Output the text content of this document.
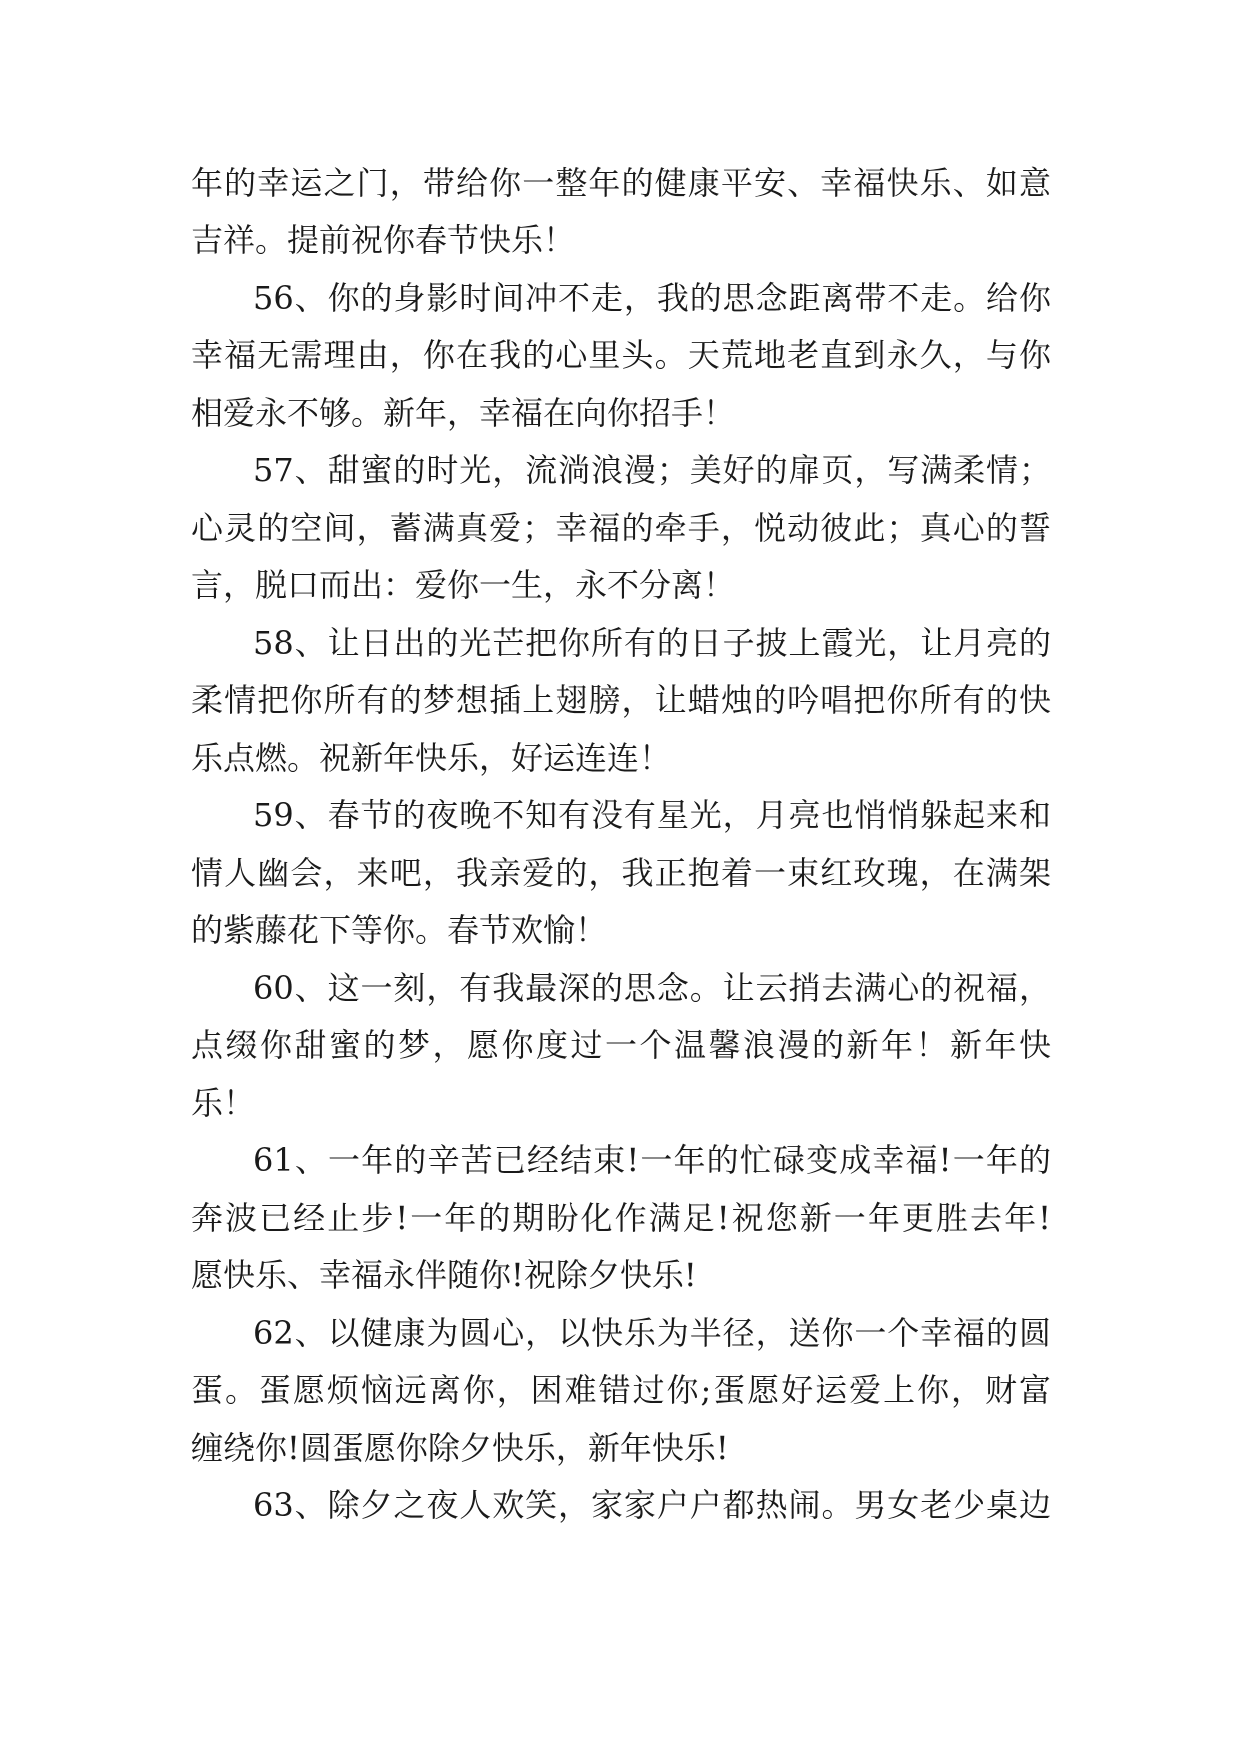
年的幸运之门，带给你一整年的健康平安、幸福快乐、如意
吉祥。提前祝你春节快乐！
56、你的身影时间冲不走，我的思念距离带不走。给你
幸福无需理由，你在我的心里头。天荒地老直到永久，与你
相爱永不够。新年，幸福在向你招手！
57、甜蜜的时光，流淌浪漫；美好的扉页，写满柔情；
心灵的空间，蓄满真爱；幸福的牵手，悦动彼此；真心的誓
言，脱口而出：爱你一生，永不分离！
58、让日出的光芒把你所有的日子披上霞光，让月亮的
柔情把你所有的梦想插上翅膀，让蜡烛的吟唱把你所有的快
乐点燃。祝新年快乐，好运连连！
59、春节的夜晚不知有没有星光，月亮也悄悄躲起来和
情人幽会，来吧，我亲爱的，我正抱着一束红玫瑰，在满架
的紫藤花下等你。春节欢愉！
60、这一刻，有我最深的思念。让云捎去满心的祝福，
点缀你甜蜜的梦，愿你度过一个温馨浪漫的新年！新年快
乐！
61、一年的辛苦已经结束!一年的忙碌变成幸福!一年的
奔波已经止步!一年的期盼化作满足!祝您新一年更胜去年!
愿快乐、幸福永伴随你!祝除夕快乐!
62、以健康为圆心，以快乐为半径，送你一个幸福的圆
蛋。蛋愿烦恼远离你，困难错过你;蛋愿好运爱上你，财富
缠绕你!圆蛋愿你除夕快乐，新年快乐!
63、除夕之夜人欢笑，家家户户都热闹。男女老少桌边
